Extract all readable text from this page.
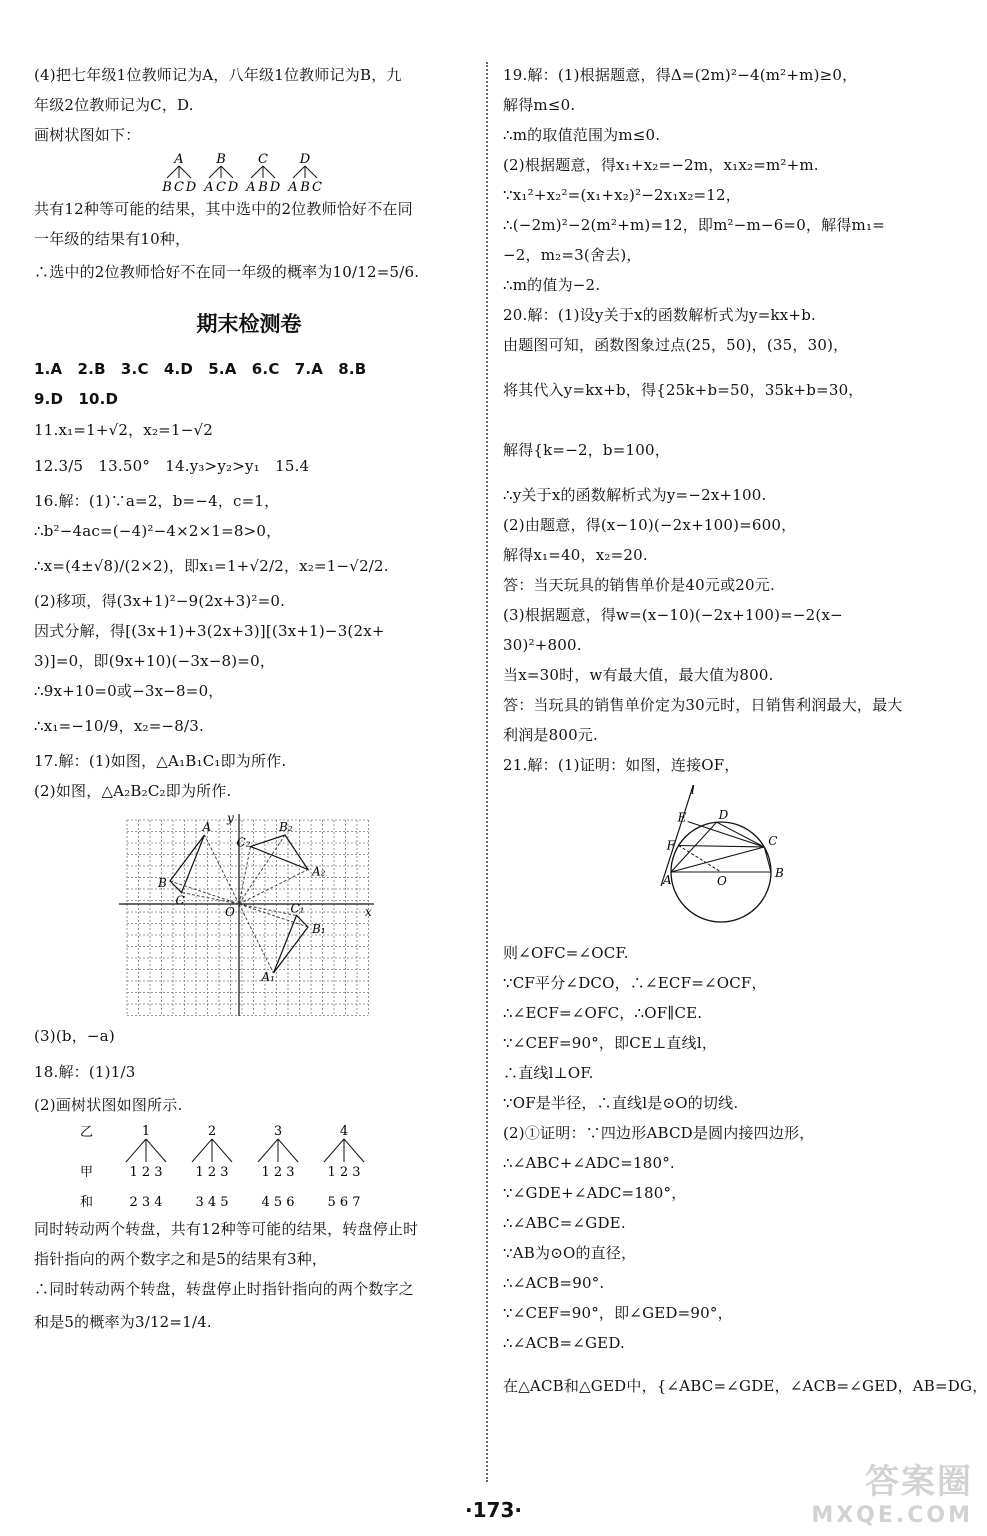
(4)把七年级1位教师记为A，八年级1位教师记为B，九
年级2位教师记为C，D.
画树状图如下：
A
B C D
B
A C D
C
A B D
D
A B C
共有12种等可能的结果，其中选中的2位教师恰好不在同
一年级的结果有10种，
∴选中的2位教师恰好不在同一年级的概率为10/12=5/6.
期末检测卷
1.A　2.B　3.C　4.D　5.A　6.C　7.A　8.B
9.D　10.D
11.x₁=1+√2，x₂=1−√2
12.3/5　13.50°　14.y₃>y₂>y₁　15.4
16.解：(1)∵a=2，b=−4，c=1，
∴b²−4ac=(−4)²−4×2×1=8>0，
∴x=(4±√8)/(2×2)，即x₁=1+√2/2，x₂=1−√2/2.
(2)移项，得(3x+1)²−9(2x+3)²=0.
因式分解，得[(3x+1)+3(2x+3)][(3x+1)−3(2x+
3)]=0，即(9x+10)(−3x−8)=0，
∴9x+10=0或−3x−8=0，
∴x₁=−10/9，x₂=−8/3.
17.解：(1)如图，△A₁B₁C₁即为所作.
(2)如图，△A₂B₂C₂即为所作.
y
x
O
A
B
C
A₁
B₁
C₁
A₂
B₂
C₂
(3)(b，−a)
18.解：(1)1/3
(2)画树状图如图所示.
乙
甲
和
1
1 2 3
2 3 4
2
1 2 3
3 4 5
3
1 2 3
4 5 6
4
1 2 3
5 6 7
同时转动两个转盘，共有12种等可能的结果，转盘停止时
指针指向的两个数字之和是5的结果有3种，
∴同时转动两个转盘，转盘停止时指针指向的两个数字之
和是5的概率为3/12=1/4.
19.解：(1)根据题意，得Δ=(2m)²−4(m²+m)≥0，
解得m≤0.
∴m的取值范围为m≤0.
(2)根据题意，得x₁+x₂=−2m，x₁x₂=m²+m.
∵x₁²+x₂²=(x₁+x₂)²−2x₁x₂=12，
∴(−2m)²−2(m²+m)=12，即m²−m−6=0，解得m₁=
−2，m₂=3(舍去)，
∴m的值为−2.
20.解：(1)设y关于x的函数解析式为y=kx+b.
由题图可知，函数图象过点(25，50)，(35，30)，
将其代入y=kx+b，得{25k+b=50，35k+b=30，
解得{k=−2，b=100，
∴y关于x的函数解析式为y=−2x+100.
(2)由题意，得(x−10)(−2x+100)=600，
解得x₁=40，x₂=20.
答：当天玩具的销售单价是40元或20元.
(3)根据题意，得w=(x−10)(−2x+100)=−2(x−
30)²+800.
当x=30时，w有最大值，最大值为800.
答：当玩具的销售单价定为30元时，日销售利润最大，最大
利润是800元.
21.解：(1)证明：如图，连接OF，
l
E	D
C
F
O
B
A
则∠OFC=∠OCF.
∵CF平分∠DCO，∴∠ECF=∠OCF，
∴∠ECF=∠OFC，∴OF∥CE.
∵∠CEF=90°，即CE⊥直线l，
∴直线l⊥OF.
∵OF是半径，∴直线l是⊙O的切线.
(2)①证明：∵四边形ABCD是圆内接四边形，
∴∠ABC+∠ADC=180°.
∵∠GDE+∠ADC=180°，
∴∠ABC=∠GDE.
∵AB为⊙O的直径，
∴∠ACB=90°.
∵∠CEF=90°，即∠GED=90°，
∴∠ACB=∠GED.
在△ACB和△GED中，{∠ABC=∠GDE，∠ACB=∠GED，AB=DG，
·173·
答案圈
MXQE.COM
